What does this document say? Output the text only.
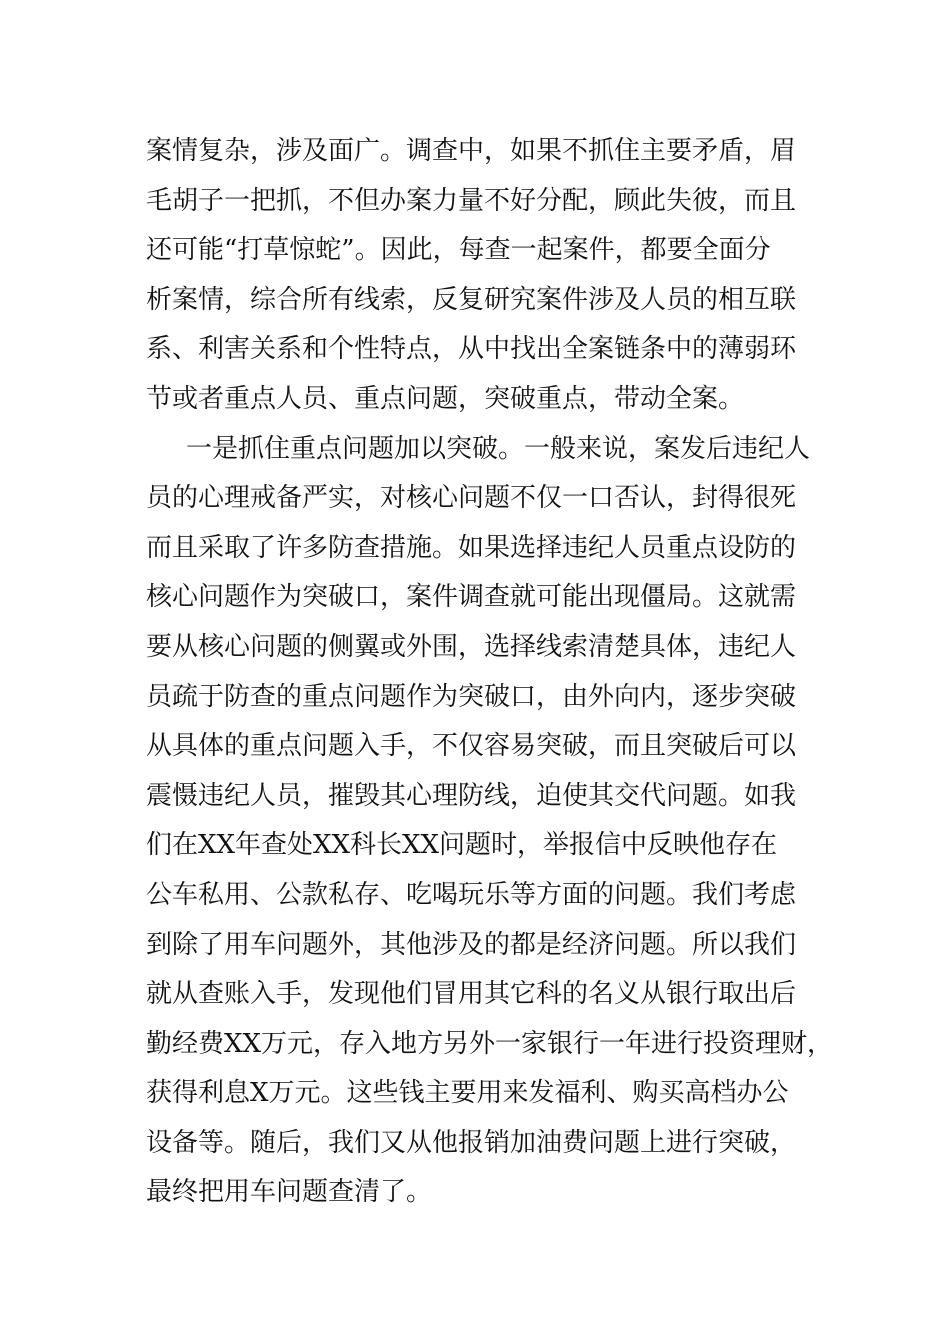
案情复杂，涉及面广。调查中，如果不抓住主要矛盾，眉
毛胡子一把抓，不但办案力量不好分配，顾此失彼，而且
还可能“打草惊蛇”。因此，每查一起案件，都要全面分
析案情，综合所有线索，反复研究案件涉及人员的相互联
系、利害关系和个性特点，从中找出全案链条中的薄弱环
节或者重点人员、重点问题，突破重点，带动全案。
一是抓住重点问题加以突破。一般来说，案发后违纪人
员的心理戒备严实，对核心问题不仅一口否认，封得很死
而且采取了许多防查措施。如果选择违纪人员重点设防的
核心问题作为突破口，案件调查就可能出现僵局。这就需
要从核心问题的侧翼或外围，选择线索清楚具体，违纪人
员疏于防查的重点问题作为突破口，由外向内，逐步突破
从具体的重点问题入手，不仅容易突破，而且突破后可以
震慑违纪人员，摧毁其心理防线，迫使其交代问题。如我
们在XX年查处XX科长XX问题时，举报信中反映他存在
公车私用、公款私存、吃喝玩乐等方面的问题。我们考虑
到除了用车问题外，其他涉及的都是经济问题。所以我们
就从查账入手，发现他们冒用其它科的名义从银行取出后
勤经费XX万元，存入地方另外一家银行一年进行投资理财，
获得利息X万元。这些钱主要用来发福利、购买高档办公
设备等。随后，我们又从他报销加油费问题上进行突破，
最终把用车问题查清了。
